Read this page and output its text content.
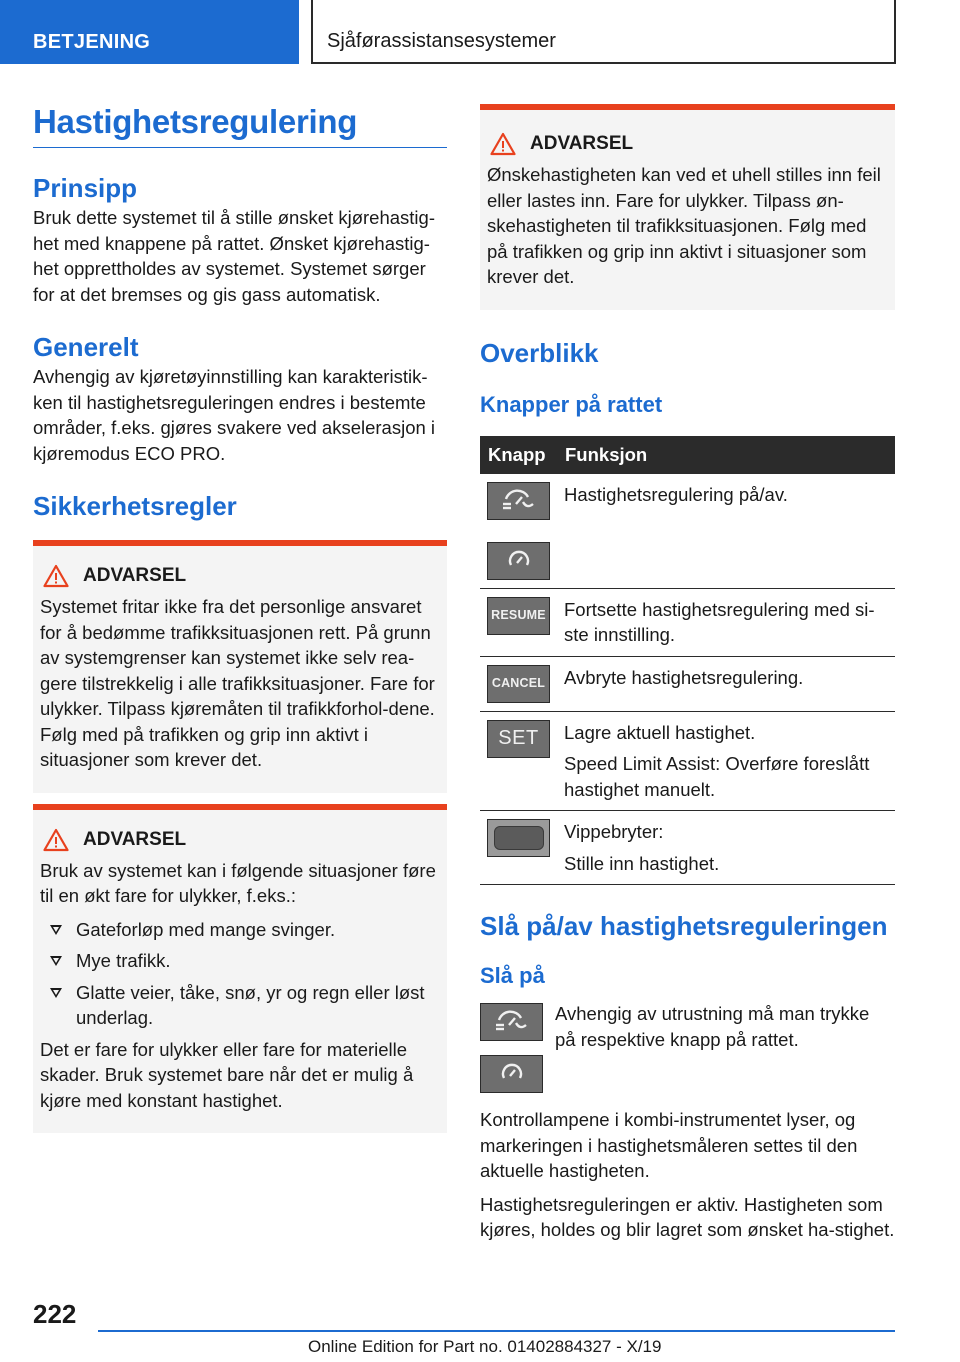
BETJENING	Sjåførassistansesystemer
Hastighetsregulering
Prinsipp

Bruk dette systemet til å stille ønsket kjørehastig-het med knappene på rattet. Ønsket kjørehastig-het opprettholdes av systemet. Systemet sørger for at det bremses og gis gass automatisk.

Generelt

Avhengig av kjøretøyinnstilling kan karakteristik-ken til hastighetsreguleringen endres i bestemte områder, f.eks. gjøres svakere ved akselerasjon i kjøremodus ECO PRO.

Sikkerhetsregler
ADVARSEL

Systemet fritar ikke fra det personlige ansvaret for å bedømme trafikksituasjonen rett. På grunn av systemgrenser kan systemet ikke selv rea-gere tilstrekkelig i alle trafikksituasjoner. Fare for ulykker. Tilpass kjøremåten til trafikkforhol-dene. Følg med på trafikken og grip inn aktivt i situasjoner som krever det.

ADVARSEL

Bruk av systemet kan i følgende situasjoner føre til en økt fare for ulykker, f.eks.:

Gateforløp med mange svinger.
Mye trafikk.
Glatte veier, tåke, snø, yr og regn eller løst underlag.

Det er fare for ulykker eller fare for materielle skader. Bruk systemet bare når det er mulig å kjøre med konstant hastighet.

ADVARSEL

Ønskehastigheten kan ved et uhell stilles inn feil eller lastes inn. Fare for ulykker. Tilpass øn-skehastigheten til trafikksituasjonen. Følg med på trafikken og grip inn aktivt i situasjoner som krever det.

Overblikk
Knapper på rattet
Knapp	Funksjon

	Hastighetsregulering på/av.

RESUME	Fortsette hastighetsregulering med si-ste innstilling.

CANCEL	Avbryte hastighetsregulering.

SET	Lagre aktuell hastighet.
Speed Limit Assist: Overføre foreslått hastighet manuelt.

	Vippebryter:
Stille inn hastighet.
Slå på/av hastighetsreguleringen
Slå på

Avhengig av utrustning må man trykke på respektive knapp på rattet.

Kontrollampene i kombi-instrumentet lyser, og markeringen i hastighetsmåleren settes til den aktuelle hastigheten.

Hastighetsreguleringen er aktiv. Hastigheten som kjøres, holdes og blir lagret som ønsket ha-stighet.

222
Online Edition for Part no. 01402884327 - X/19
